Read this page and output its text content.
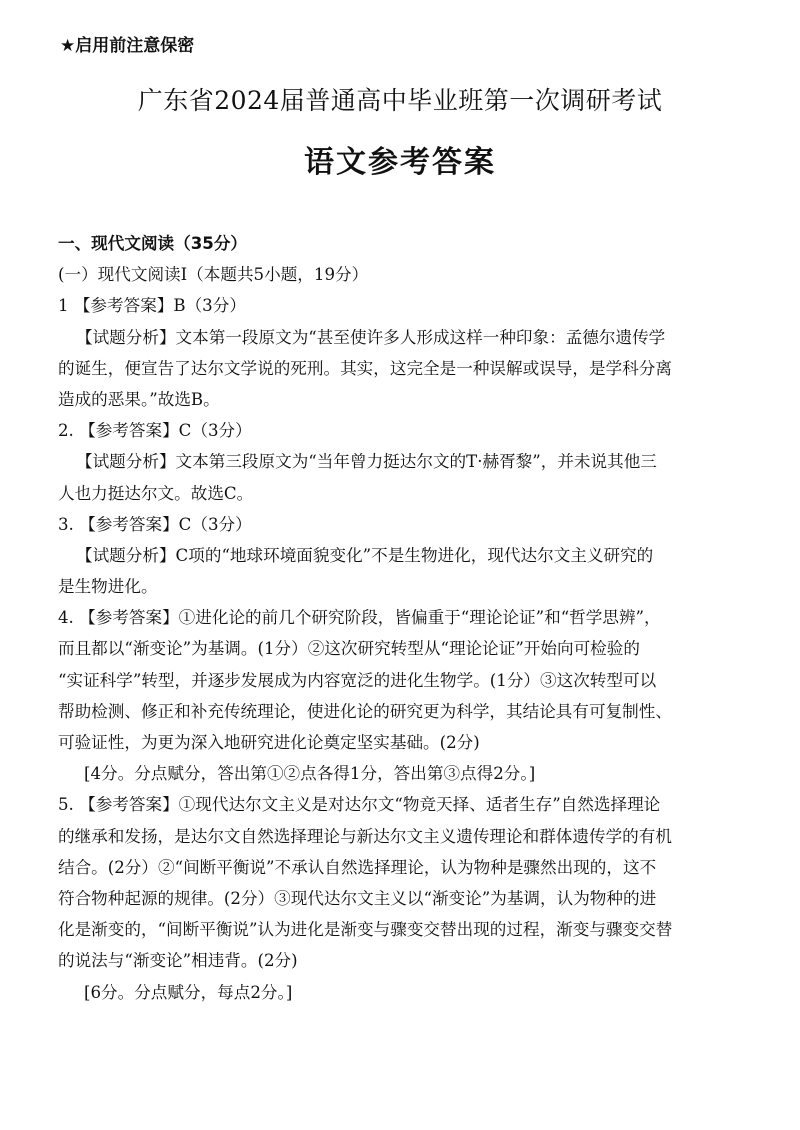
★启用前注意保密
广东省2024届普通高中毕业班第一次调研考试
语文参考答案
一、现代文阅读（35分）
(一）现代文阅读Ⅰ（本题共5小题，19分）
1 【参考答案】B（3分）
【试题分析】文本第一段原文为“甚至使许多人形成这样一种印象：孟德尔遗传学
的诞生，便宣告了达尔文学说的死刑。其实，这完全是一种误解或误导，是学科分离
造成的恶果。”故选B。
2. 【参考答案】C（3分）
【试题分析】文本第三段原文为“当年曾力挺达尔文的T·赫胥黎”，并未说其他三
人也力挺达尔文。故选C。
3. 【参考答案】C（3分）
【试题分析】C项的“地球环境面貌变化”不是生物进化，现代达尔文主义研究的
是生物进化。
4. 【参考答案】①进化论的前几个研究阶段，皆偏重于“理论论证”和“哲学思辨”，
而且都以“渐变论”为基调。(1分）②这次研究转型从“理论论证”开始向可检验的
“实证科学”转型，并逐步发展成为内容宽泛的进化生物学。(1分）③这次转型可以
帮助检测、修正和补充传统理论，使进化论的研究更为科学，其结论具有可复制性、
可验证性，为更为深入地研究进化论奠定坚实基础。(2分)
[4分。分点赋分，答出第①②点各得1分，答出第③点得2分。]
5. 【参考答案】①现代达尔文主义是对达尔文“物竞天择、适者生存”自然选择理论
的继承和发扬，是达尔文自然选择理论与新达尔文主义遗传理论和群体遗传学的有机
结合。(2分）②“间断平衡说”不承认自然选择理论，认为物种是骤然出现的，这不
符合物种起源的规律。(2分）③现代达尔文主义以“渐变论”为基调，认为物种的进
化是渐变的，“间断平衡说”认为进化是渐变与骤变交替出现的过程，渐变与骤变交替
的说法与“渐变论”相违背。(2分)
[6分。分点赋分，每点2分。]
